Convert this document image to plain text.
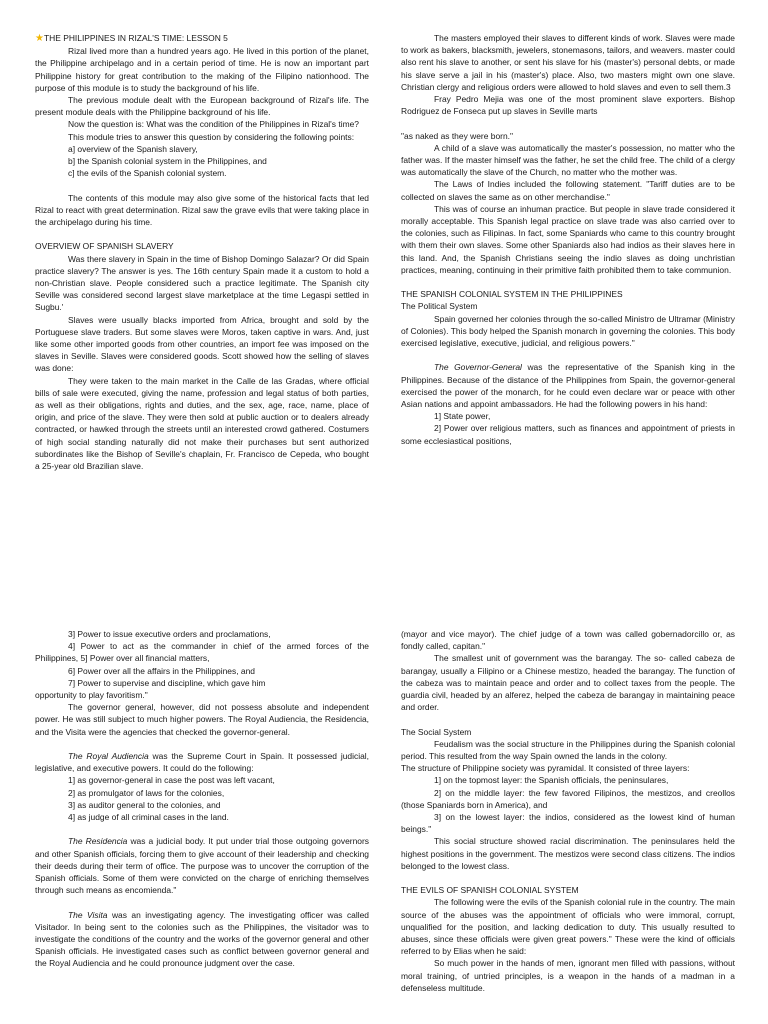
★THE PHILIPPINES IN RIZAL'S TIME: LESSON 5

Rizal lived more than a hundred years ago. He lived in this portion of the planet, the Philippine archipelago and in a certain period of time. He is now an important part Philippine history for great contribution to the making of the Filipino nationhood. The purpose of this module is to study the background of his life.

The previous module dealt with the European background of Rizal's life. The present module deals with the Philippine background of his life.

Now the question is: What was the condition of the Philippines in Rizal's time?

This module tries to answer this question by considering the following points:

a] overview of the Spanish slavery,

b] the Spanish colonial system in the Philippines, and

c] the evils of the Spanish colonial system.

The contents of this module may also give some of the historical facts that led Rizal to react with great determination. Rizal saw the grave evils that were taking place in the archipelago during his time.

OVERVIEW OF SPANISH SLAVERY

Was there slavery in Spain in the time of Bishop Domingo Salazar? Or did Spain practice slavery? The answer is yes. The 16th century Spain made it a custom to hold a non-Christian slave. People considered such a practice legitimate. The Spanish city Seville was considered second largest slave marketplace at the time Legaspi settled in Sugbu.'

Slaves were usually blacks imported from Africa, brought and sold by the Portuguese slave traders. But some slaves were Moros, taken captive in wars. And, just like some other imported goods from other countries, an import fee was imposed on the slaves in Seville. Slaves were considered goods. Scott showed how the selling of slaves was done:

They were taken to the main market in the Calle de las Gradas, where official bills of sale were executed, giving the name, profession and legal status of both parties, as well as their obligations, rights and duties, and the sex, age, race, name, place of origin, and price of the slave. They were then sold at public auction or to dealers already contracted, or hawked through the streets until an interested crowd gathered. Costumers of high social standing naturally did not make their purchases but sent authorized subordinates like the Bishop of Seville's chaplain, Fr. Francisco de Cepeda, who bought a 25-year old Brazilian slave.

The masters employed their slaves to different kinds of work. Slaves were made to work as bakers, blacksmith, jewelers, stonemasons, tailors, and weavers. master could also rent his slave to another, or sent his slave for his (master's) personal debts, or made his slave serve a jail in his (master's) place. Also, two masters might own one slave. Christian clergy and religious orders were allowed to hold slaves and even to sell them.3

Fray Pedro Mejia was one of the most prominent slave exporters. Bishop Rodriguez de Fonseca put up slaves in Seville marts

"as naked as they were born."

A child of a slave was automatically the master's possession, no matter who the father was. If the master himself was the father, he set the child free. The child of a clergy was automatically the slave of the Church, no matter who the mother was.

The Laws of Indies included the following statement. "Tariff duties are to be collected on slaves the same as on other merchandise."

This was of course an inhuman practice. But people in slave trade considered it morally acceptable. This Spanish legal practice on slave trade was also carried over to the colonies, such as Filipinas. In fact, some Spaniards who came to this country brought with them their own slaves. Some other Spaniards also had indios as their slaves here in this land. And, the Spanish Christians seeing the indio slaves as doing unchristian practices, meaning, continuing in their primitive faith prohibited them to take communion.

THE SPANISH COLONIAL SYSTEM IN THE PHILIPPINES

The Political System

Spain governed her colonies through the so-called Ministro de Ultramar (Ministry of Colonies). This body helped the Spanish monarch in governing the colonies. This body exercised legislative, executive, judicial, and religious powers."

The Governor-General was the representative of the Spanish king in the Philippines. Because of the distance of the Philippines from Spain, the governor-general exercised the power of the monarch, for he could even declare war or peace with other Asian nations and appoint ambassadors. He had the following powers in his hand:

1] State power,

2] Power over religious matters, such as finances and appointment of priests in some ecclesiastical positions,

3] Power to issue executive orders and proclamations,

4] Power to act as the commander in chief of the armed forces of the Philippines, 5] Power over all financial matters,

6] Power over all the affairs in the Philippines, and

7] Power to supervise and discipline, which gave him

opportunity to play favoritism."

The governor general, however, did not possess absolute and independent power. He was still subject to much higher powers. The Royal Audiencia, the Residencia, and the Visita were the agencies that checked the governor-general.

The Royal Audiencia was the Supreme Court in Spain. It possessed judicial, legislative, and executive powers. It could do the following:

1] as governor-general in case the post was left vacant,

2] as promulgator of laws for the colonies,

3] as auditor general to the colonies, and

4] as judge of all criminal cases in the land.

The Residencia was a judicial body. It put under trial those outgoing governors and other Spanish officials, forcing them to give account of their leadership and checking their deeds during their term of office. The purpose was to uncover the corruption of the Spanish officials. Some of them were convicted on the charge of enriching themselves through such means as encomienda."

The Visita was an investigating agency. The investigating officer was called Visitador. In being sent to the colonies such as the Philippines, the visitador was to investigate the conditions of the country and the works of the governor general and other Spanish officials. He investigated cases such as conflict between governor general and the Royal Audiencia and he could pronounce judgment over the case.

(mayor and vice mayor). The chief judge of a town was called gobernadorcillo or, as fondly called, capitan."

The smallest unit of government was the barangay. The so- called cabeza de barangay, usually a Filipino or a Chinese mestizo, headed the barangay. The function of the cabeza was to maintain peace and order and to collect taxes from the people. The guardia civil, headed by an alferez, helped the cabeza de barangay in maintaining peace and order.

The Social System

Feudalism was the social structure in the Philippines during the Spanish colonial period. This resulted from the way Spain owned the lands in the colony.

The structure of Philippine society was pyramidal. It consisted of three layers:

1] on the topmost layer: the Spanish officials, the peninsulares,

2] on the middle layer: the few favored Filipinos, the mestizos, and creollos (those Spaniards born in America), and

3] on the lowest layer: the indios, considered as the lowest kind of human beings."

This social structure showed racial discrimination. The peninsulares held the highest positions in the government. The mestizos were second class citizens. The indios belonged to the lowest class.

THE EVILS OF SPANISH COLONIAL SYSTEM

The following were the evils of the Spanish colonial rule in the country. The main source of the abuses was the appointment of officials who were immoral, corrupt, unqualified for the position, and lacking dedication to duty. This usually resulted to abuses, since these officials were given great powers." These were the kind of officials referred to by Elias when he said:

So much power in the hands of men, ignorant men filled with passions, without moral training, of untried principles, is a weapon in the hands of a madman in a defenseless multitude.
